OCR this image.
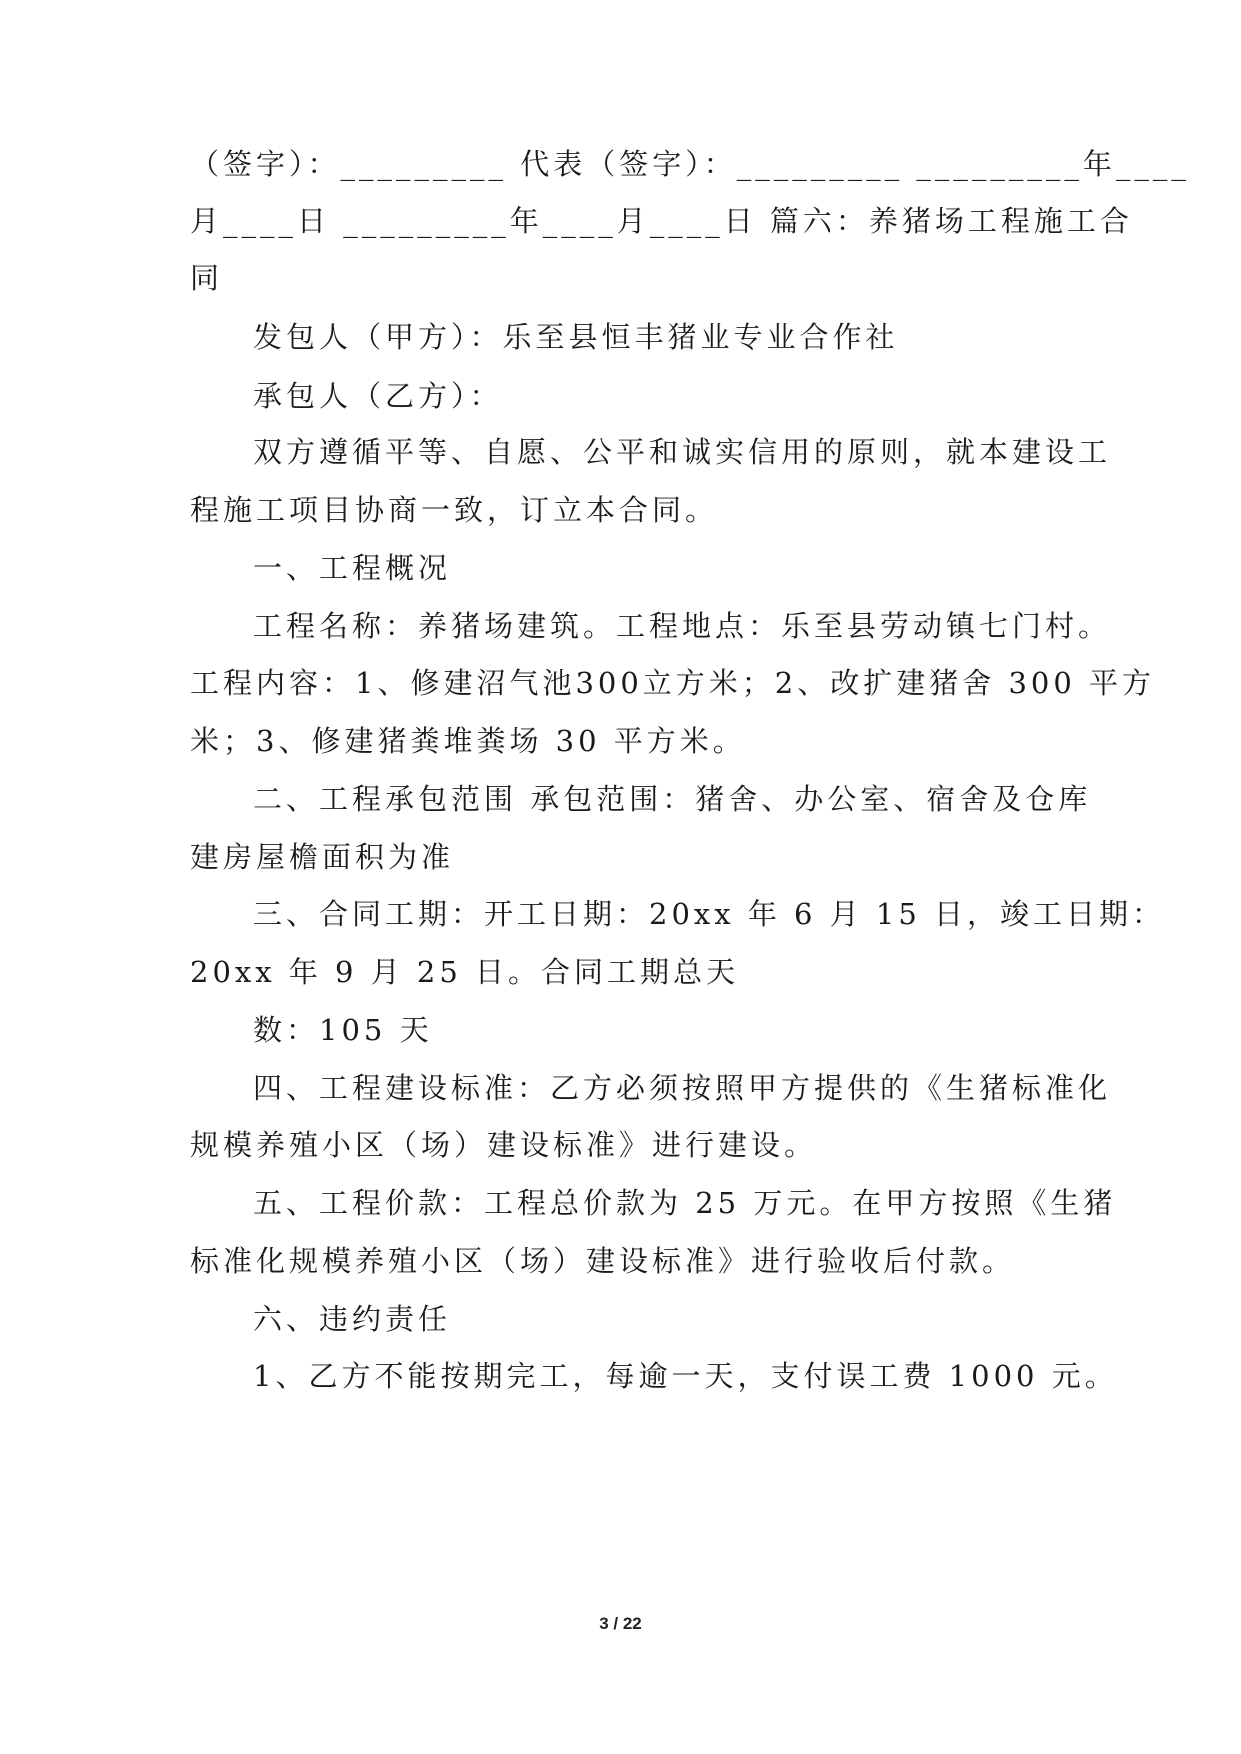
（签字）：_________ 代表（签字）：_________ _________年____
月____日 _________年____月____日 篇六：养猪场工程施工合
同
发包人（甲方）：乐至县恒丰猪业专业合作社
承包人（乙方）：
双方遵循平等、自愿、公平和诚实信用的原则，就本建设工
程施工项目协商一致，订立本合同。
一、工程概况
工程名称：养猪场建筑。工程地点：乐至县劳动镇七门村。
工程内容：1、修建沼气池300立方米；2、改扩建猪舍 300 平方
米；3、修建猪粪堆粪场 30 平方米。
二、工程承包范围 承包范围：猪舍、办公室、宿舍及仓库
建房屋檐面积为准
三、合同工期：开工日期：20xx 年 6 月 15 日，竣工日期：
20xx 年 9 月 25 日。合同工期总天
数：105 天
四、工程建设标准：乙方必须按照甲方提供的《生猪标准化
规模养殖小区（场）建设标准》进行建设。
五、工程价款：工程总价款为 25 万元。在甲方按照《生猪
标准化规模养殖小区（场）建设标准》进行验收后付款。
六、违约责任
1、乙方不能按期完工，每逾一天，支付误工费 1000 元。
3 / 22
